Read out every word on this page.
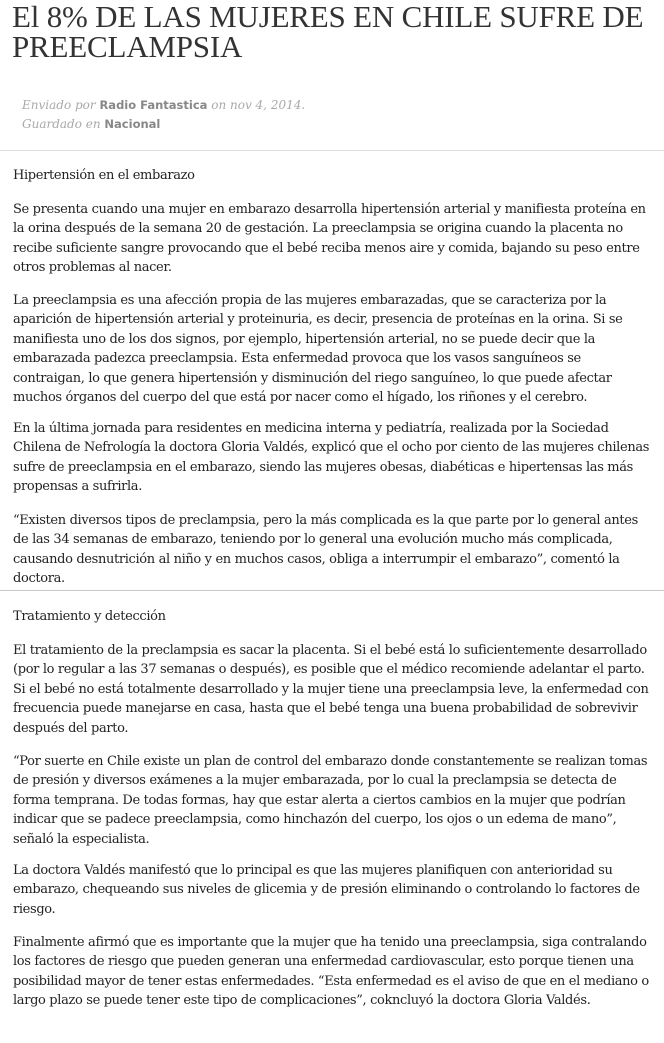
El 8% DE LAS MUJERES EN CHILE SUFRE DE PREECLAMPSIA
Enviado por Radio Fantastica on nov 4, 2014.
Guardado en Nacional

Hipertensión en el embarazo

Se presenta cuando una mujer en embarazo desarrolla hipertensión arterial y manifiesta proteína en la orina después de la semana 20 de gestación. La preeclampsia se origina cuando la placenta no recibe suficiente sangre provocando que el bebé reciba menos aire y comida, bajando su peso entre otros problemas al nacer.

La preeclampsia es una afección propia de las mujeres embarazadas, que se caracteriza por la aparición de hipertensión arterial y proteinuria, es decir, presencia de proteínas en la orina. Si se manifiesta uno de los dos signos, por ejemplo, hipertensión arterial, no se puede decir que la embarazada padezca preeclampsia. Esta enfermedad provoca que los vasos sanguíneos se contraigan, lo que genera hipertensión y disminución del riego sanguíneo, lo que puede afectar muchos órganos del cuerpo del que está por nacer como el hígado, los riñones y el cerebro.

En la última jornada para residentes en medicina interna y pediatría, realizada por la Sociedad Chilena de Nefrología la doctora Gloria Valdés, explicó que el ocho por ciento de las mujeres chilenas sufre de preeclampsia en el embarazo, siendo las mujeres obesas, diabéticas e hipertensas las más propensas a sufrirla.

“Existen diversos tipos de preclampsia, pero la más complicada es la que parte por lo general antes de las 34 semanas de embarazo, teniendo por lo general una evolución mucho más complicada, causando desnutrición al niño y en muchos casos, obliga a interrumpir el embarazo”, comentó la doctora.

Tratamiento y detección

El tratamiento de la preclampsia es sacar la placenta. Si el bebé está lo suficientemente desarrollado (por lo regular a las 37 semanas o después), es posible que el médico recomiende adelantar el parto. Si el bebé no está totalmente desarrollado y la mujer tiene una preeclampsia leve, la enfermedad con frecuencia puede manejarse en casa, hasta que el bebé tenga una buena probabilidad de sobrevivir después del parto.

“Por suerte en Chile existe un plan de control del embarazo donde constantemente se realizan tomas de presión y diversos exámenes a la mujer embarazada, por lo cual la preclampsia se detecta de forma temprana. De todas formas, hay que estar alerta a ciertos cambios en la mujer que podrían indicar que se padece preeclampsia, como hinchazón del cuerpo, los ojos o un edema de mano”, señaló la especialista.

La doctora Valdés manifestó que lo principal es que las mujeres planifiquen con anterioridad su embarazo, chequeando sus niveles de glicemia y de presión eliminando o controlando lo factores de riesgo.

Finalmente afirmó que es importante que la mujer que ha tenido una preeclampsia, siga contralando los factores de riesgo que pueden generan una enfermedad cardiovascular, esto porque tienen una posibilidad mayor de tener estas enfermedades. “Esta enfermedad es el aviso de que en el mediano o largo plazo se puede tener este tipo de complicaciones”, cokncluyó la doctora Gloria Valdés.
